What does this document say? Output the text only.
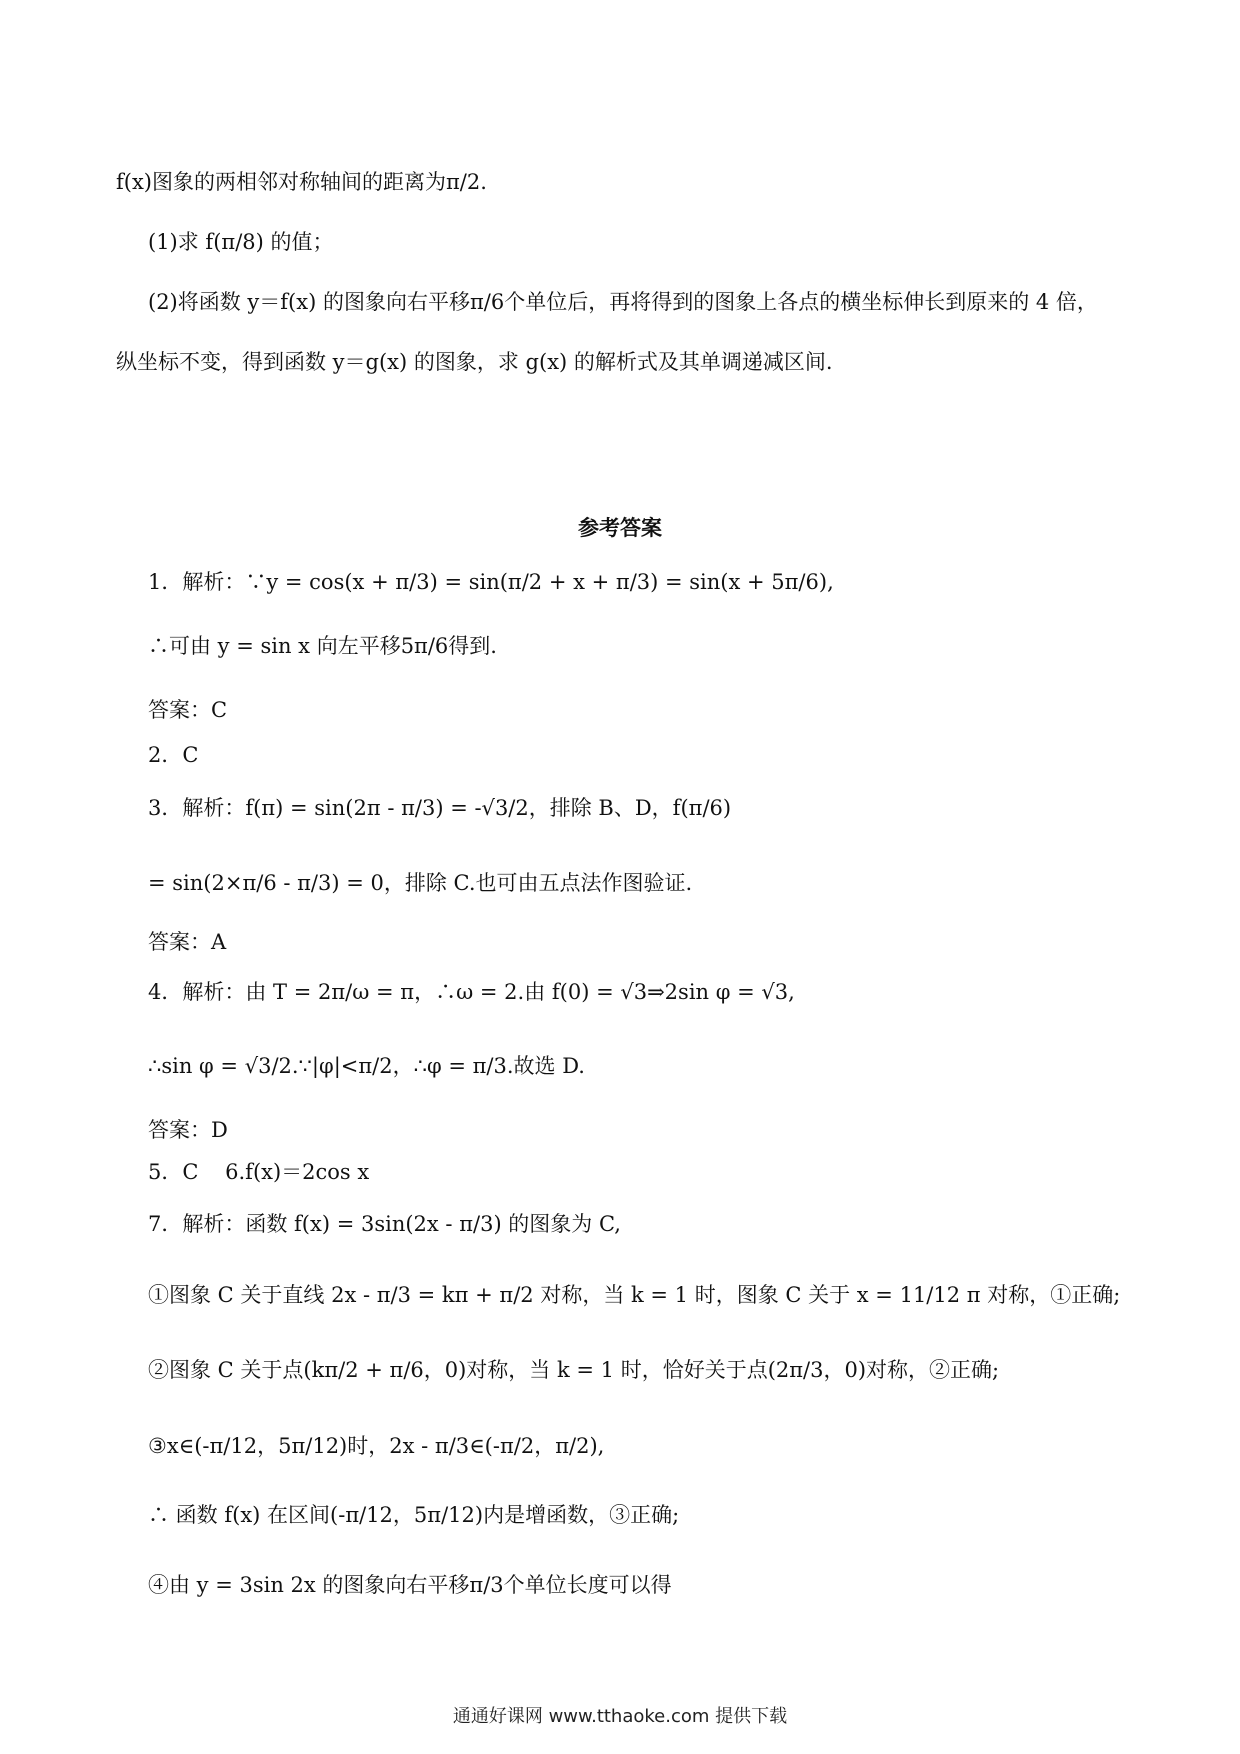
f(x)图象的两相邻对称轴间的距离为π/2.
(1)求 f(π/8) 的值；
(2)将函数 y＝f(x) 的图象向右平移π/6个单位后，再将得到的图象上各点的横坐标伸长到原来的 4 倍，
纵坐标不变，得到函数 y＝g(x) 的图象，求 g(x) 的解析式及其单调递减区间.
参考答案
1．解析：∵y = cos(x + π/3) = sin(π/2 + x + π/3) = sin(x + 5π/6),
∴可由 y = sin x 向左平移5π/6得到.
答案：C
2．C
3．解析：f(π) = sin(2π - π/3) = -√3/2，排除 B、D，f(π/6)
= sin(2×π/6 - π/3) = 0，排除 C.也可由五点法作图验证.
答案：A
4．解析：由 T = 2π/ω = π，∴ω = 2.由 f(0) = √3⇒2sin φ = √3,
∴sin φ = √3/2.∵|φ|<π/2，∴φ = π/3.故选 D.
答案：D
5．C    6.f(x)＝2cos x
7．解析：函数 f(x) = 3sin(2x - π/3) 的图象为 C,
①图象 C 关于直线 2x - π/3 = kπ + π/2 对称，当 k = 1 时，图象 C 关于 x = 11/12 π 对称，①正确;
②图象 C 关于点(kπ/2 + π/6，0)对称，当 k = 1 时，恰好关于点(2π/3，0)对称，②正确;
③x∈(-π/12，5π/12)时，2x - π/3∈(-π/2，π/2),
∴ 函数 f(x) 在区间(-π/12，5π/12)内是增函数，③正确;
④由 y = 3sin 2x 的图象向右平移π/3个单位长度可以得
通通好课网 www.tthaoke.com 提供下载
